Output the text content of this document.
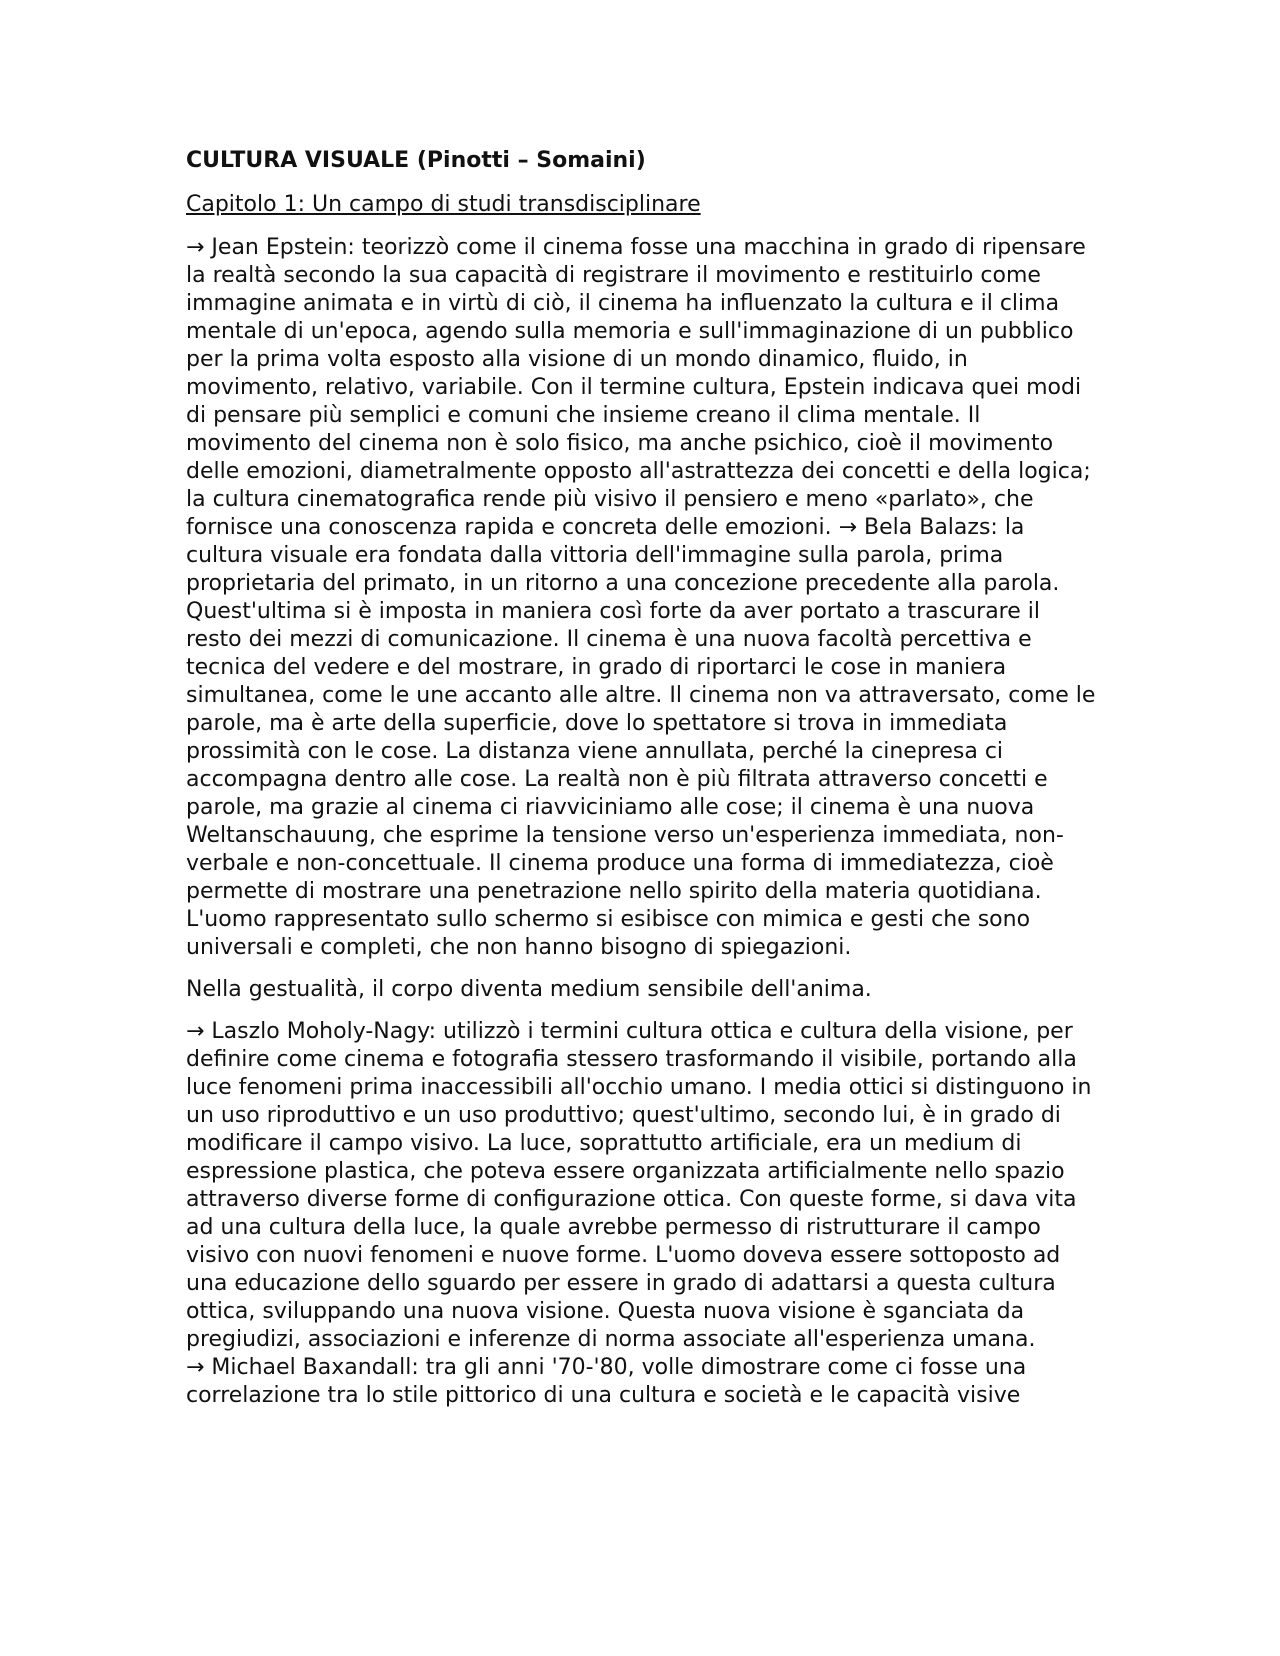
CULTURA VISUALE (Pinotti – Somaini)
Capitolo 1: Un campo di studi transdisciplinare

→ Jean Epstein: teorizzò come il cinema fosse una macchina in grado di ripensare la realtà secondo la sua capacità di registrare il movimento e restituirlo come immagine animata e in virtù di ciò, il cinema ha influenzato la cultura e il clima mentale di un'epoca, agendo sulla memoria e sull'immaginazione di un pubblico per la prima volta esposto alla visione di un mondo dinamico, fluido, in movimento, relativo, variabile. Con il termine cultura, Epstein indicava quei modi di pensare più semplici e comuni che insieme creano il clima mentale. Il movimento del cinema non è solo fisico, ma anche psichico, cioè il movimento delle emozioni, diametralmente opposto all'astrattezza dei concetti e della logica; la cultura cinematografica rende più visivo il pensiero e meno «parlato», che fornisce una conoscenza rapida e concreta delle emozioni. → Bela Balazs: la cultura visuale era fondata dalla vittoria dell'immagine sulla parola, prima proprietaria del primato, in un ritorno a una concezione precedente alla parola. Quest'ultima si è imposta in maniera così forte da aver portato a trascurare il resto dei mezzi di comunicazione. Il cinema è una nuova facoltà percettiva e tecnica del vedere e del mostrare, in grado di riportarci le cose in maniera simultanea, come le une accanto alle altre. Il cinema non va attraversato, come le parole, ma è arte della superficie, dove lo spettatore si trova in immediata prossimità con le cose. La distanza viene annullata, perché la cinepresa ci accompagna dentro alle cose. La realtà non è più filtrata attraverso concetti e parole, ma grazie al cinema ci riavviciniamo alle cose; il cinema è una nuova Weltanschauung, che esprime la tensione verso un'esperienza immediata, non-verbale e non-concettuale. Il cinema produce una forma di immediatezza, cioè permette di mostrare una penetrazione nello spirito della materia quotidiana. L'uomo rappresentato sullo schermo si esibisce con mimica e gesti che sono universali e completi, che non hanno bisogno di spiegazioni.

Nella gestualità, il corpo diventa medium sensibile dell'anima.

→ Laszlo Moholy-Nagy: utilizzò i termini cultura ottica e cultura della visione, per definire come cinema e fotografia stessero trasformando il visibile, portando alla luce fenomeni prima inaccessibili all'occhio umano. I media ottici si distinguono in un uso riproduttivo e un uso produttivo; quest'ultimo, secondo lui, è in grado di modificare il campo visivo. La luce, soprattutto artificiale, era un medium di espressione plastica, che poteva essere organizzata artificialmente nello spazio attraverso diverse forme di configurazione ottica. Con queste forme, si dava vita ad una cultura della luce, la quale avrebbe permesso di ristrutturare il campo visivo con nuovi fenomeni e nuove forme. L'uomo doveva essere sottoposto ad una educazione dello sguardo per essere in grado di adattarsi a questa cultura ottica, sviluppando una nuova visione. Questa nuova visione è sganciata da pregiudizi, associazioni e inferenze di norma associate all'esperienza umana.

→ Michael Baxandall: tra gli anni '70-'80, volle dimostrare come ci fosse una correlazione tra lo stile pittorico di una cultura e società e le capacità visive
